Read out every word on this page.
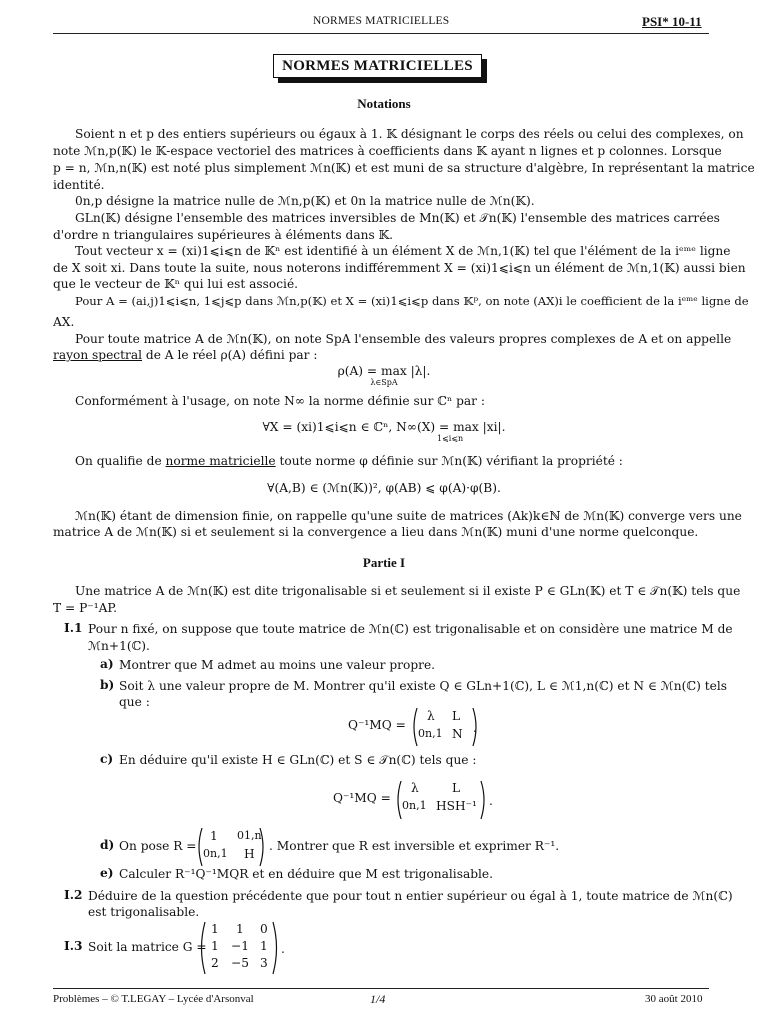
NORMES MATRICIELLES	PSI* 10-11
NORMES MATRICIELLES
Notations

Soient n et p des entiers supérieurs ou égaux à 1. 𝕂 désignant le corps des réels ou celui des complexes, on

note ℳn,p(𝕂) le 𝕂-espace vectoriel des matrices à coefficients dans 𝕂 ayant n lignes et p colonnes. Lorsque

p = n, ℳn,n(𝕂) est noté plus simplement ℳn(𝕂) et est muni de sa structure d'algèbre, In représentant la matrice

identité.

0n,p désigne la matrice nulle de ℳn,p(𝕂) et 0n la matrice nulle de ℳn(𝕂).

GLn(𝕂) désigne l'ensemble des matrices inversibles de Mn(𝕂) et 𝒯n(𝕂) l'ensemble des matrices carrées

d'ordre n triangulaires supérieures à éléments dans 𝕂.

Tout vecteur x = (xi)1⩽i⩽n de 𝕂ⁿ est identifié à un élément X de ℳn,1(𝕂) tel que l'élément de la iᵉᵐᵉ ligne

de X soit xi. Dans toute la suite, nous noterons indifféremment X = (xi)1⩽i⩽n un élément de ℳn,1(𝕂) aussi bien

que le vecteur de 𝕂ⁿ qui lui est associé.

Pour A = (ai,j)1⩽i⩽n, 1⩽j⩽p dans ℳn,p(𝕂) et X = (xi)1⩽i⩽p dans 𝕂ᵖ, on note (AX)i le coefficient de la iᵉᵐᵉ ligne de

AX.

Pour toute matrice A de ℳn(𝕂), on note SpA l'ensemble des valeurs propres complexes de A et on appelle

rayon spectral de A le réel ρ(A) défini par :

ρ(A) = max |λ|.

λ∈SpA

Conformément à l'usage, on note N∞ la norme définie sur ℂⁿ par :

∀X = (xi)1⩽i⩽n ∈ ℂⁿ, N∞(X) = max |xi|.

1⩽i⩽n

On qualifie de norme matricielle toute norme φ définie sur ℳn(𝕂) vérifiant la propriété :

∀(A,B) ∈ (ℳn(𝕂))², φ(AB) ⩽ φ(A)·φ(B).

ℳn(𝕂) étant de dimension finie, on rappelle qu'une suite de matrices (Ak)k∈ℕ de ℳn(𝕂) converge vers une

matrice A de ℳn(𝕂) si et seulement si la convergence a lieu dans ℳn(𝕂) muni d'une norme quelconque.

Partie I

Une matrice A de ℳn(𝕂) est dite trigonalisable si et seulement si il existe P ∈ GLn(𝕂) et T ∈ 𝒯n(𝕂) tels que

T = P⁻¹AP.

I.1 Pour n fixé, on suppose que toute matrice de ℳn(ℂ) est trigonalisable et on considère une matrice M de

ℳn+1(ℂ).

a) Montrer que M admet au moins une valeur propre.

b) Soit λ une valeur propre de M. Montrer qu'il existe Q ∈ GLn+1(ℂ), L ∈ ℳ1,n(ℂ) et N ∈ ℳn(ℂ) tels

que :

Q⁻¹MQ =
λ L
0n,1 N .
c) En déduire qu'il existe H ∈ GLn(ℂ) et S ∈ 𝒯n(ℂ) tels que :

Q⁻¹MQ =
λ	L
0n,1 HSH⁻¹ .
d) On pose R =
1 01,n
0n,1 H
. Montrer que R est inversible et exprimer R⁻¹.
e) Calculer R⁻¹Q⁻¹MQR et en déduire que M est trigonalisable.

I.2 Déduire de la question précédente que pour tout n entier supérieur ou égal à 1, toute matrice de ℳn(ℂ)

est trigonalisable.

I.3 Soit la matrice G =
1 1 0
1 −1 1
2 −5 3
.
Problèmes – © T.LEGAY – Lycée d'Arsonval	1/4	30 août 2010
